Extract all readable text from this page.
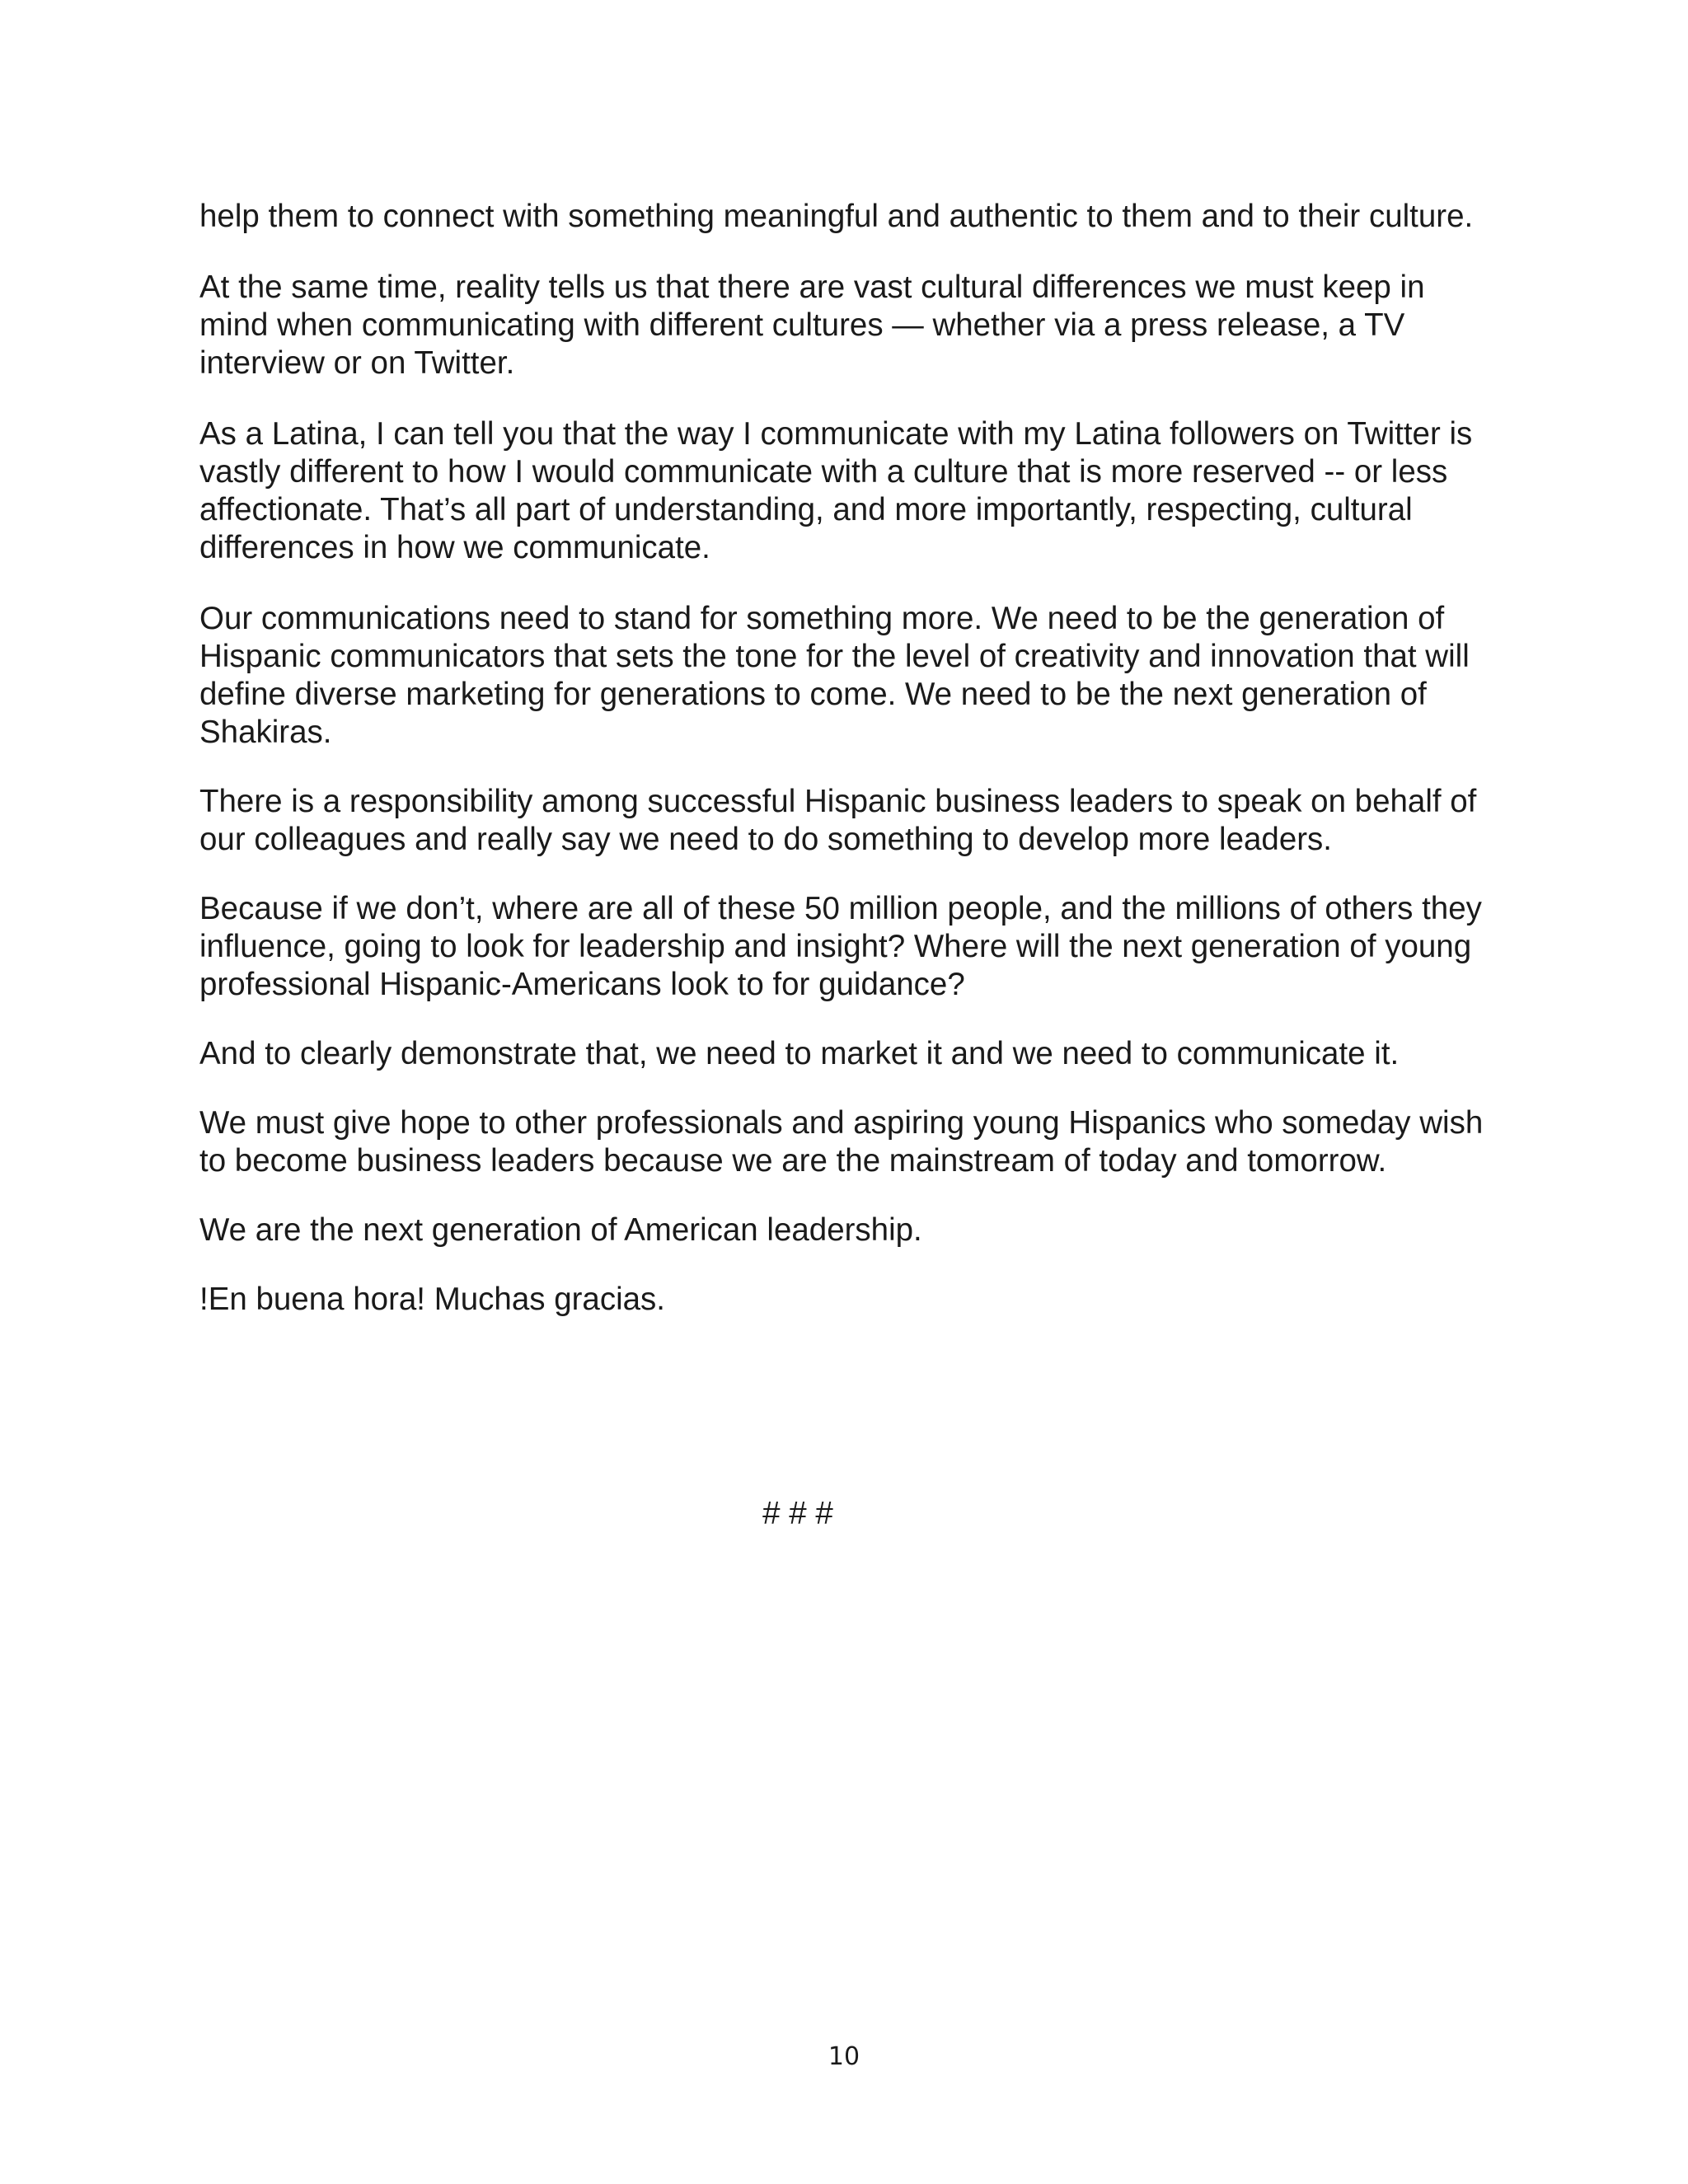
help them to connect with something meaningful and authentic to them and to their culture.

At the same time, reality tells us that there are vast cultural differences we must keep in mind when communicating with different cultures — whether via a press release, a TV interview or on Twitter.

As a Latina, I can tell you that the way I communicate with my Latina followers on Twitter is vastly different to how I would communicate with a culture that is more reserved -- or less affectionate. That’s all part of understanding, and more importantly, respecting, cultural differences in how we communicate.

Our communications need to stand for something more. We need to be the generation of Hispanic communicators that sets the tone for the level of creativity and innovation that will define diverse marketing for generations to come. We need to be the next generation of Shakiras.

There is a responsibility among successful Hispanic business leaders to speak on behalf of our colleagues and really say we need to do something to develop more leaders.

Because if we don’t, where are all of these 50 million people, and the millions of others they influence, going to look for leadership and insight? Where will the next generation of young professional Hispanic-Americans look to for guidance?

And to clearly demonstrate that, we need to market it and we need to communicate it.

We must give hope to other professionals and aspiring young Hispanics who someday wish to become business leaders because we are the mainstream of today and tomorrow.

We are the next generation of American leadership.

!En buena hora! Muchas gracias.

# # #

10
